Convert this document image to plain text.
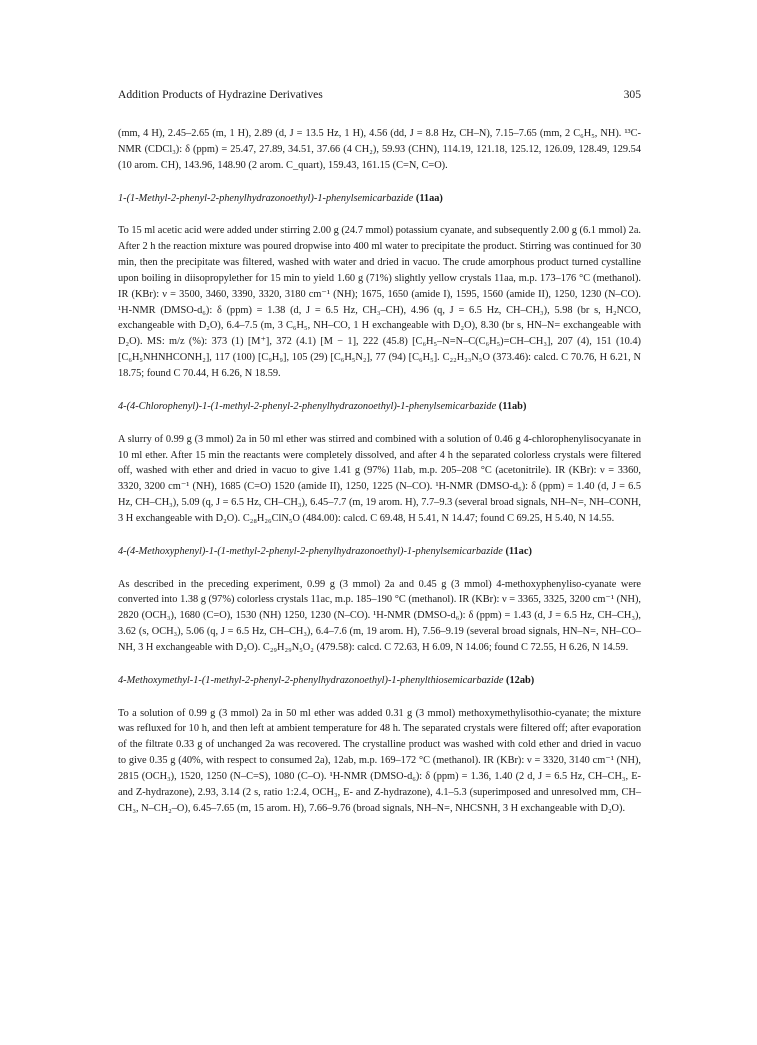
Addition Products of Hydrazine Derivatives	305

(mm, 4 H), 2.45–2.65 (m, 1 H), 2.89 (d, J = 13.5 Hz, 1 H), 4.56 (dd, J = 8.8 Hz, CH–N), 7.15–7.65 (mm, 2 C₆H₅, NH). ¹³C-NMR (CDCl₃): δ (ppm) = 25.47, 27.89, 34.51, 37.66 (4 CH₂), 59.93 (CHN), 114.19, 121.18, 125.12, 126.09, 128.49, 129.54 (10 arom. CH), 143.96, 148.90 (2 arom. C_quart), 159.43, 161.15 (C=N, C=O).

1-(1-Methyl-2-phenyl-2-phenylhydrazonoethyl)-1-phenylsemicarbazide (11aa)

To 15 ml acetic acid were added under stirring 2.00 g (24.7 mmol) potassium cyanate, and subsequently 2.00 g (6.1 mmol) 2a. After 2 h the reaction mixture was poured dropwise into 400 ml water to precipitate the product. Stirring was continued for 30 min, then the precipitate was filtered, washed with water and dried in vacuo. The crude amorphous product turned cystalline upon boiling in diisopropylether for 15 min to yield 1.60 g (71%) slightly yellow crystals 11aa, m.p. 173–176 °C (methanol). IR (KBr): ν = 3500, 3460, 3390, 3320, 3180 cm⁻¹ (NH); 1675, 1650 (amide I), 1595, 1560 (amide II), 1250, 1230 (N–CO). ¹H-NMR (DMSO-d₆): δ (ppm) = 1.38 (d, J = 6.5 Hz, CH₃–CH), 4.96 (q, J = 6.5 Hz, CH–CH₃), 5.98 (br s, H₂NCO, exchangeable with D₂O), 6.4–7.5 (m, 3 C₆H₅, NH–CO, 1 H exchangeable with D₂O), 8.30 (br s, HN–N= exchangeable with D₂O). MS: m/z (%): 373 (1) [M⁺], 372 (4.1) [M − 1], 222 (45.8) [C₆H₅–N=N–C(C₆H₅)=CH–CH₃], 207 (4), 151 (10.4) [C₆H₅NHNHCONH₂], 117 (100) [C₉H₉], 105 (29) [C₆H₅N₂], 77 (94) [C₆H₅]. C₂₂H₂₃N₅O (373.46): calcd. C 70.76, H 6.21, N 18.75; found C 70.44, H 6.26, N 18.59.

4-(4-Chlorophenyl)-1-(1-methyl-2-phenyl-2-phenylhydrazonoethyl)-1-phenylsemicarbazide (11ab)

A slurry of 0.99 g (3 mmol) 2a in 50 ml ether was stirred and combined with a solution of 0.46 g 4-chlorophenylisocyanate in 10 ml ether. After 15 min the reactants were completely dissolved, and after 4 h the separated colorless crystals were filtered off, washed with ether and dried in vacuo to give 1.41 g (97%) 11ab, m.p. 205–208 °C (acetonitrile). IR (KBr): ν = 3360, 3320, 3200 cm⁻¹ (NH), 1685 (C=O) 1520 (amide II), 1250, 1225 (N–CO). ¹H-NMR (DMSO-d₆): δ (ppm) = 1.40 (d, J = 6.5 Hz, CH–CH₃), 5.09 (q, J = 6.5 Hz, CH–CH₃), 6.45–7.7 (m, 19 arom. H), 7.7–9.3 (several broad signals, NH–N=, NH–CONH, 3 H exchangeable with D₂O). C₂₈H₂₆ClN₅O (484.00): calcd. C 69.48, H 5.41, N 14.47; found C 69.25, H 5.40, N 14.55.

4-(4-Methoxyphenyl)-1-(1-methyl-2-phenyl-2-phenylhydrazonoethyl)-1-phenylsemicarbazide (11ac)

As described in the preceding experiment, 0.99 g (3 mmol) 2a and 0.45 g (3 mmol) 4-methoxyphenyliso-cyanate were converted into 1.38 g (97%) colorless crystals 11ac, m.p. 185–190 °C (methanol). IR (KBr): ν = 3365, 3325, 3200 cm⁻¹ (NH), 2820 (OCH₃), 1680 (C=O), 1530 (NH) 1250, 1230 (N–CO). ¹H-NMR (DMSO-d₆): δ (ppm) = 1.43 (d, J = 6.5 Hz, CH–CH₃), 3.62 (s, OCH₃), 5.06 (q, J = 6.5 Hz, CH–CH₃), 6.4–7.6 (m, 19 arom. H), 7.56–9.19 (several broad signals, HN–N=, NH–CO–NH, 3 H exchangeable with D₂O). C₂₉H₂₉N₅O₂ (479.58): calcd. C 72.63, H 6.09, N 14.06; found C 72.55, H 6.26, N 14.59.

4-Methoxymethyl-1-(1-methyl-2-phenyl-2-phenylhydrazonoethyl)-1-phenylthiosemicarbazide (12ab)

To a solution of 0.99 g (3 mmol) 2a in 50 ml ether was added 0.31 g (3 mmol) methoxymethylisothio-cyanate; the mixture was refluxed for 10 h, and then left at ambient temperature for 48 h. The separated crystals were filtered off; after evaporation of the filtrate 0.33 g of unchanged 2a was recovered. The crystalline product was washed with cold ether and dried in vacuo to give 0.35 g (40%, with respect to consumed 2a), 12ab, m.p. 169–172 °C (methanol). IR (KBr): ν = 3320, 3140 cm⁻¹ (NH), 2815 (OCH₃), 1520, 1250 (N–C=S), 1080 (C–O). ¹H-NMR (DMSO-d₆): δ (ppm) = 1.36, 1.40 (2 d, J = 6.5 Hz, CH–CH₃, E- and Z-hydrazone), 2.93, 3.14 (2 s, ratio 1:2.4, OCH₃, E- and Z-hydrazone), 4.1–5.3 (superimposed and unresolved mm, CH–CH₃, N–CH₂–O), 6.45–7.65 (m, 15 arom. H), 7.66–9.76 (broad signals, NH–N=, NHCSNH, 3 H exchangeable with D₂O).
